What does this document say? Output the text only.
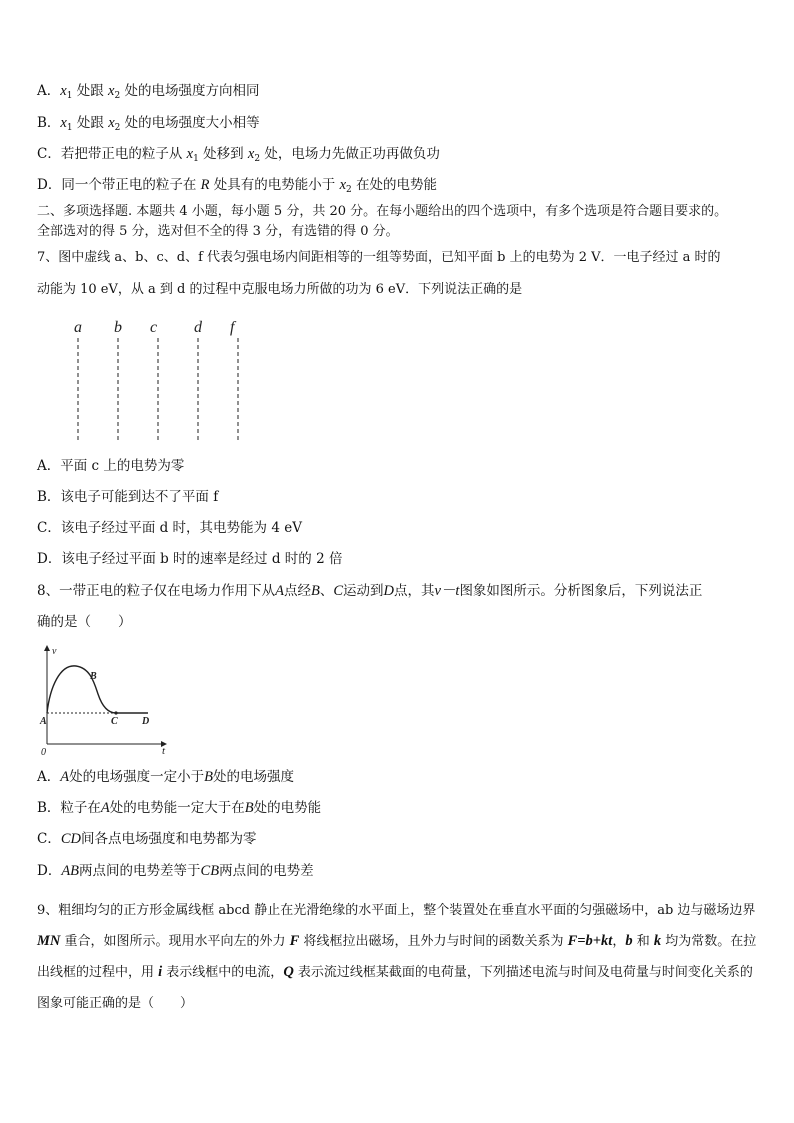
A．$x_1$ 处跟 $x_2$ 处的电场强度方向相同
B．$x_1$ 处跟 $x_2$ 处的电场强度大小相等
C．若把带正电的粒子从 $x_1$ 处移到 $x_2$ 处，电场力先做正功再做负功
D．同一个带正电的粒子在 R 处具有的电势能小于 $x_2$ 在处的电势能
二、多项选择题. 本题共 4 小题，每小题 5 分，共 20 分。在每小题给出的四个选项中，有多个选项是符合题目要求的。
全部选对的得 5 分，选对但不全的得 3 分，有选错的得 0 分。
7、图中虚线 a、b、c、d、f 代表匀强电场内间距相等的一组等势面，已知平面 b 上的电势为 2 V．一电子经过 a 时的
动能为 10 eV，从 a 到 d 的过程中克服电场力所做的功为 6 eV．下列说法正确的是
a b c d f
A．平面 c 上的电势为零
B．该电子可能到达不了平面 f
C．该电子经过平面 d 时，其电势能为 4 eV
D．该电子经过平面 b 时的速率是经过 d 时的 2 倍
8、一带正电的粒子仅在电场力作用下从A点经B、C运动到D点，其v－t图象如图所示。分析图象后，下列说法正
确的是（　　）
v
t
0
A
B
C D
A．A处的电场强度一定小于B处的电场强度
B．粒子在A处的电势能一定大于在B处的电势能
C．CD间各点电场强度和电势都为零
D．AB两点间的电势差等于CB两点间的电势差
9、粗细均匀的正方形金属线框 abcd 静止在光滑绝缘的水平面上，整个装置处在垂直水平面的匀强磁场中，ab 边与磁场边界 MN 重合，如图所示。现用水平向左的外力 F 将线框拉出磁场，且外力与时间的函数关系为 F=b+kt，b 和 k 均为常数。在拉出线框的过程中，用 i 表示线框中的电流，Q 表示流过线框某截面的电荷量，下列描述电流与时间及电荷量与时间变化关系的图象可能正确的是（　　）
